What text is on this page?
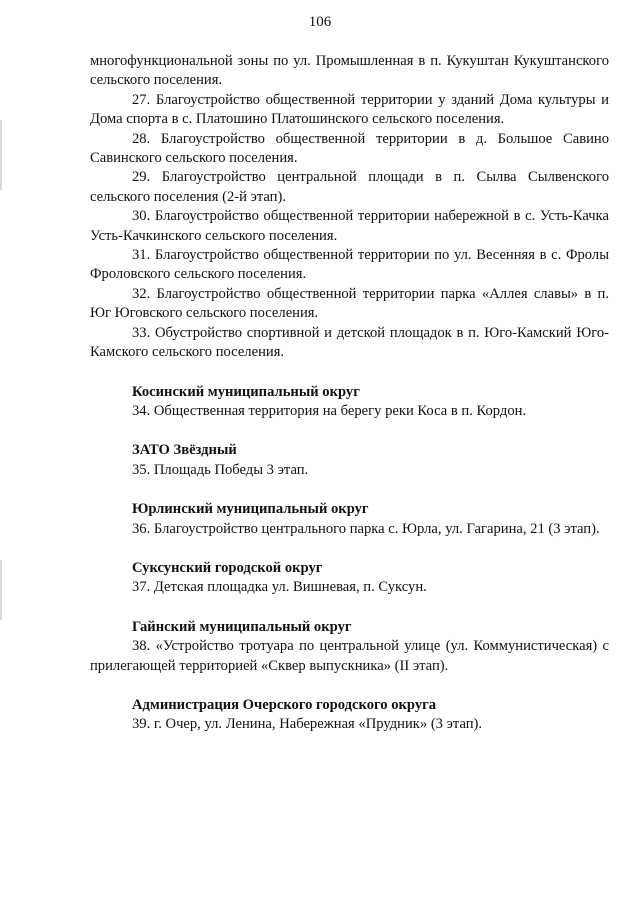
106

многофункциональной зоны по ул. Промышленная в п. Кукуштан Кукуштанского сельского поселения.

27. Благоустройство общественной территории у зданий Дома культуры и Дома спорта в с. Платошино Платошинского сельского поселения.

28. Благоустройство общественной территории в д. Большое Савино Савинского сельского поселения.

29. Благоустройство центральной площади в п. Сылва Сылвенского сельского поселения (2-й этап).

30. Благоустройство общественной территории набережной в с. Усть-Качка Усть-Качкинского сельского поселения.

31. Благоустройство общественной территории по ул. Весенняя в с. Фролы Фроловского сельского поселения.

32. Благоустройство общественной территории парка «Аллея славы» в п. Юг Юговского сельского поселения.

33. Обустройство спортивной и детской площадок в п. Юго-Камский Юго-Камского сельского поселения.

Косинский муниципальный округ

34. Общественная территория на берегу реки Коса в п. Кордон.

ЗАТО Звёздный

35. Площадь Победы 3 этап.

Юрлинский муниципальный округ

36. Благоустройство центрального парка с. Юрла, ул. Гагарина, 21 (3 этап).

Суксунский городской округ

37. Детская площадка ул. Вишневая, п. Суксун.

Гайнский муниципальный округ

38. «Устройство тротуара по центральной улице (ул. Коммунистическая) с прилегающей территорией «Сквер выпускника» (II этап).

Администрация Очерского городского округа

39. г. Очер, ул. Ленина, Набережная «Прудник» (3 этап).
